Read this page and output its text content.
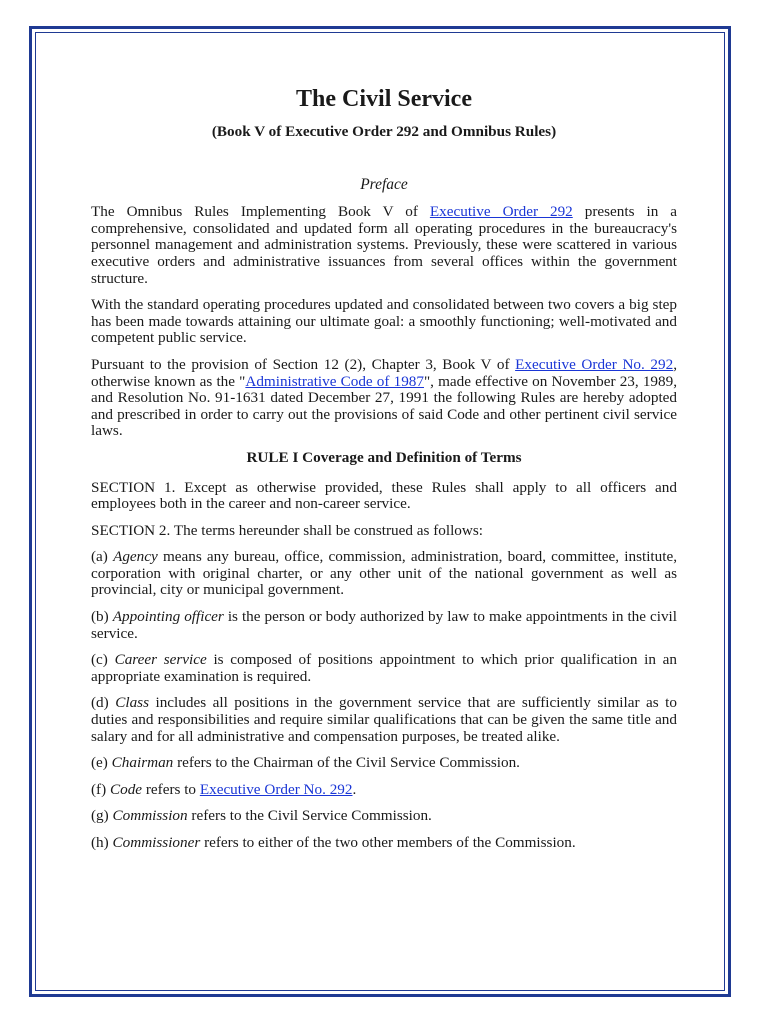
The Civil Service
(Book V of Executive Order 292 and Omnibus Rules)
Preface

The Omnibus Rules Implementing Book V of Executive Order 292 presents in a comprehensive, consolidated and updated form all operating procedures in the bureaucracy's personnel management and administration systems. Previously, these were scattered in various executive orders and administrative issuances from several offices within the government structure.

With the standard operating procedures updated and consolidated between two covers a big step has been made towards attaining our ultimate goal: a smoothly functioning; well-motivated and competent public service.

Pursuant to the provision of Section 12 (2), Chapter 3, Book V of Executive Order No. 292, otherwise known as the "Administrative Code of 1987", made effective on November 23, 1989, and Resolution No. 91-1631 dated December 27, 1991 the following Rules are hereby adopted and prescribed in order to carry out the provisions of said Code and other pertinent civil service laws.

RULE I Coverage and Definition of Terms

SECTION 1. Except as otherwise provided, these Rules shall apply to all officers and employees both in the career and non-career service.

SECTION 2. The terms hereunder shall be construed as follows:

(a) Agency means any bureau, office, commission, administration, board, committee, institute, corporation with original charter, or any other unit of the national government as well as provincial, city or municipal government.

(b) Appointing officer is the person or body authorized by law to make appointments in the civil service.

(c) Career service is composed of positions appointment to which prior qualification in an appropriate examination is required.

(d) Class includes all positions in the government service that are sufficiently similar as to duties and responsibilities and require similar qualifications that can be given the same title and salary and for all administrative and compensation purposes, be treated alike.

(e) Chairman refers to the Chairman of the Civil Service Commission.

(f) Code refers to Executive Order No. 292.

(g) Commission refers to the Civil Service Commission.

(h) Commissioner refers to either of the two other members of the Commission.
